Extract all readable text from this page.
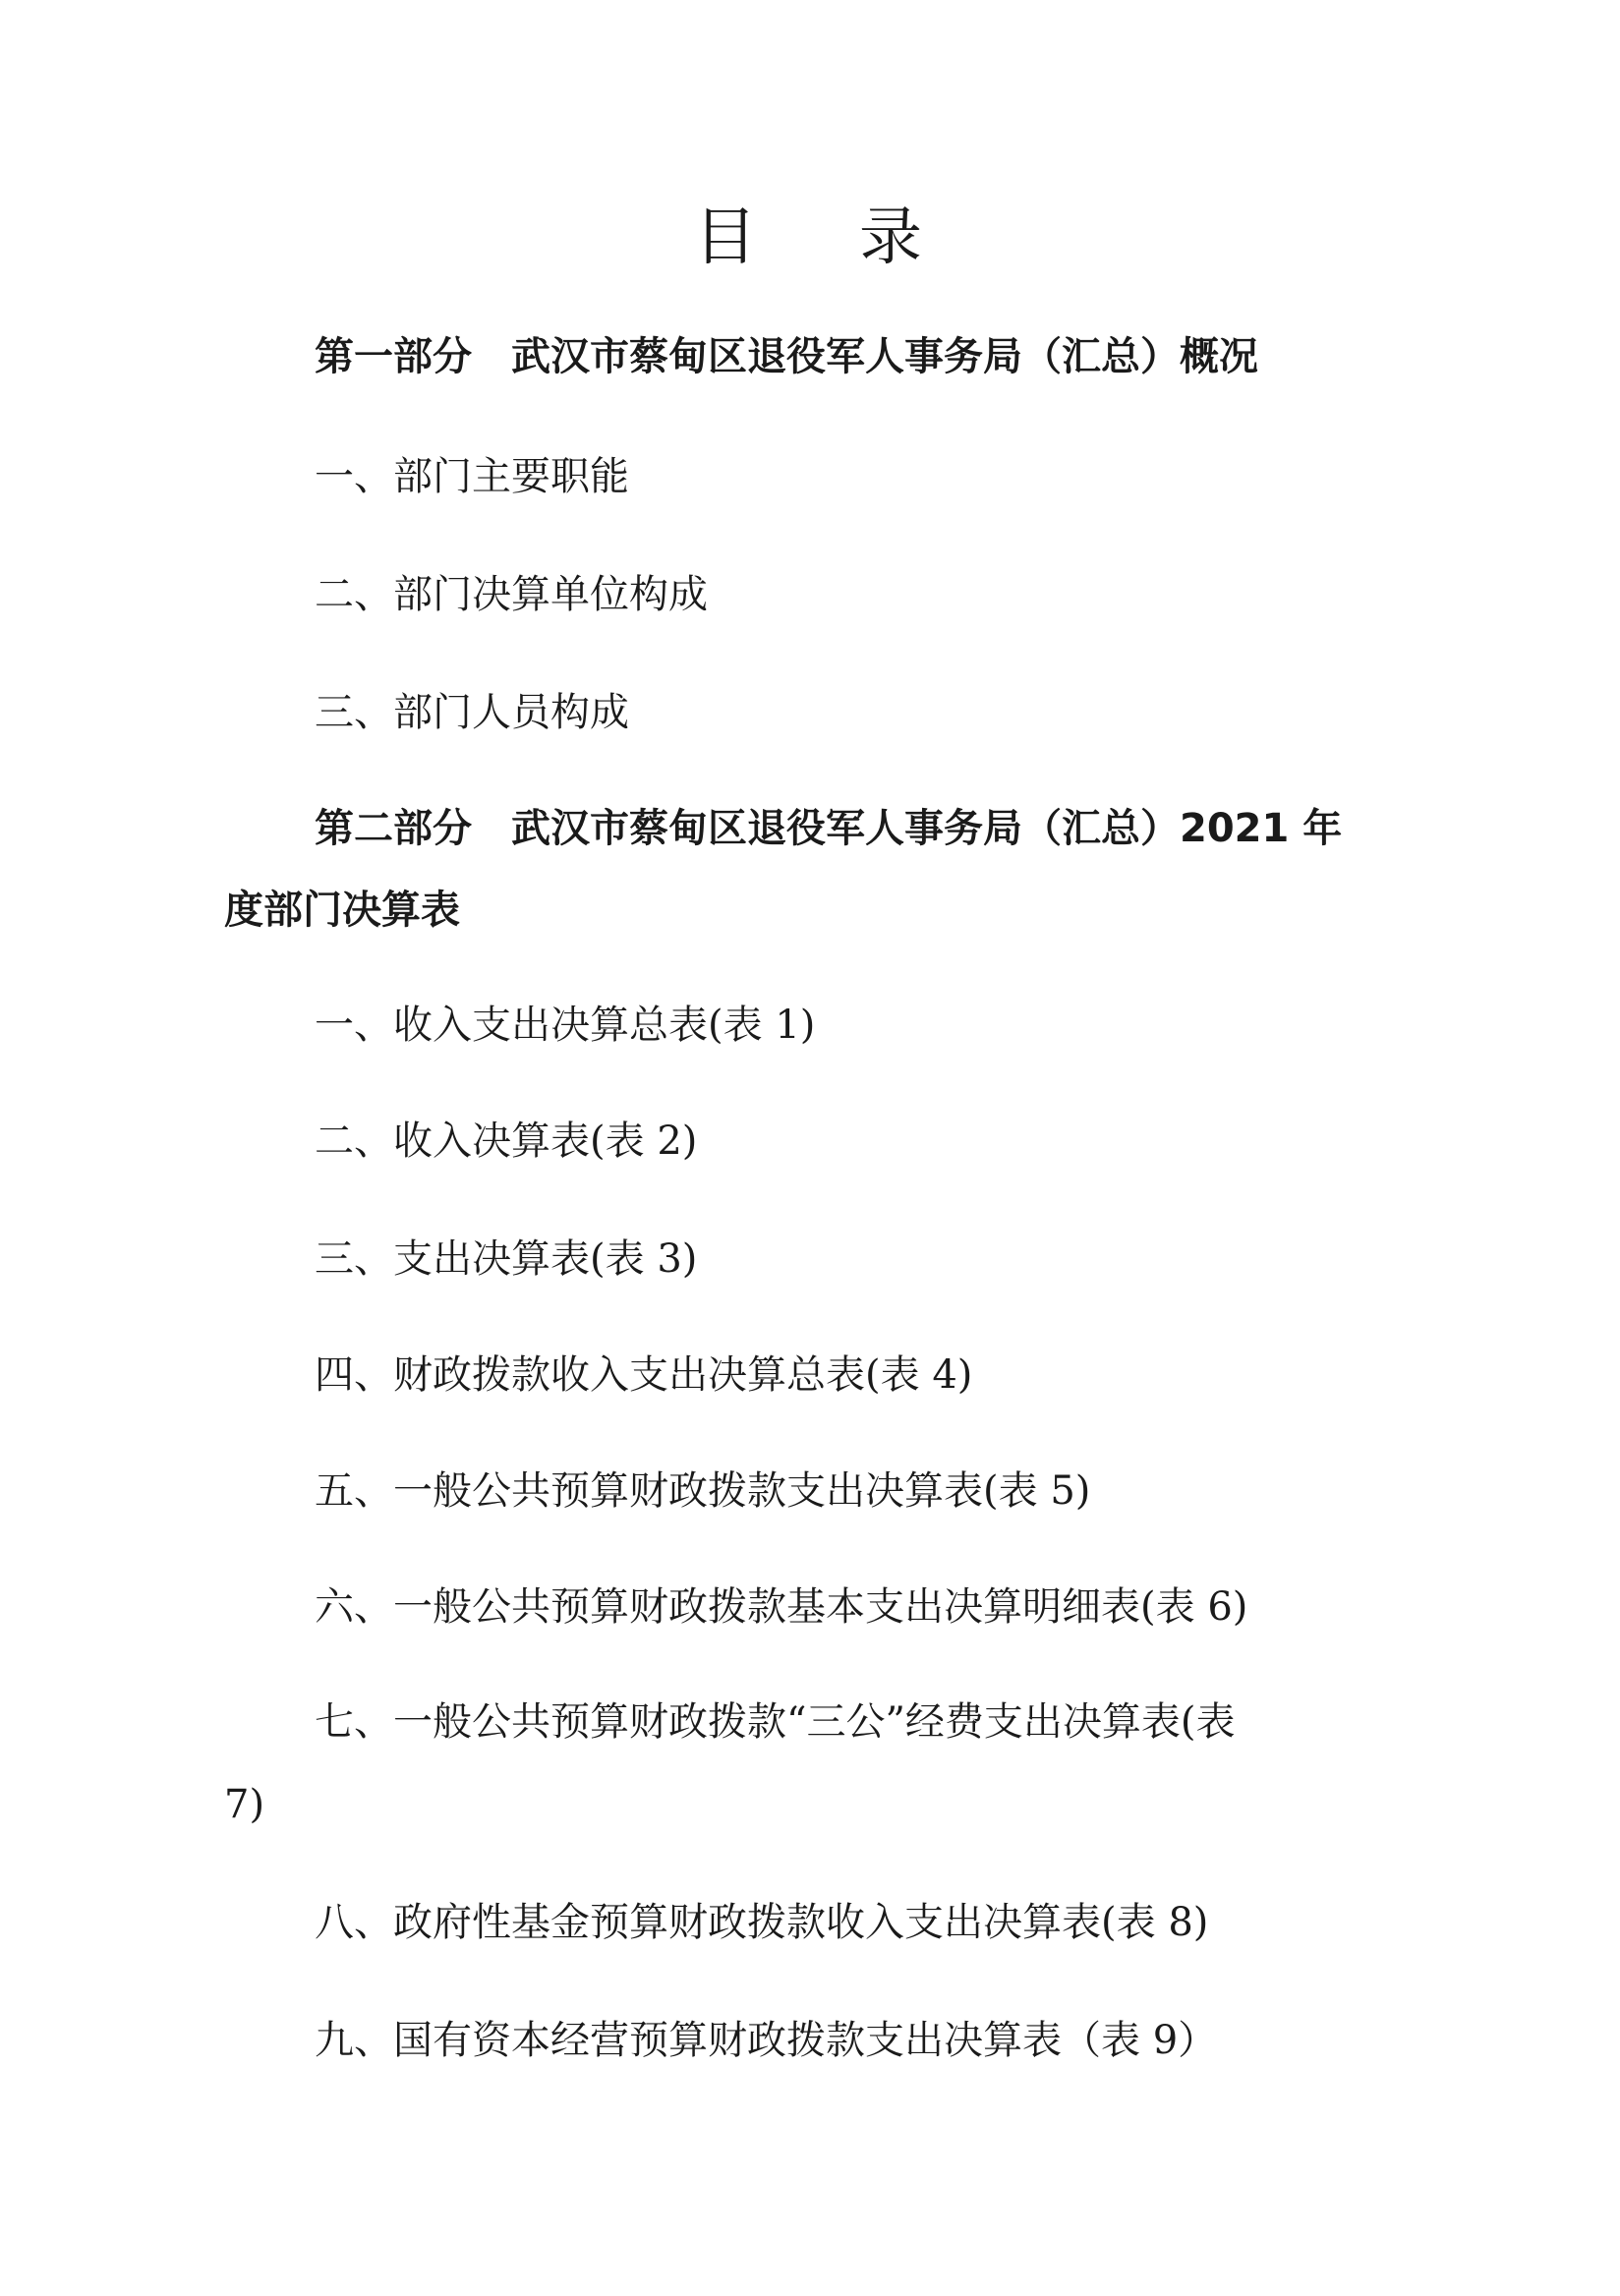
目 录
第一部分 武汉市蔡甸区退役军人事务局（汇总）概况
一、部门主要职能
二、部门决算单位构成
三、部门人员构成
第二部分 武汉市蔡甸区退役军人事务局（汇总）2021 年
度部门决算表
一、收入支出决算总表(表 1)
二、收入决算表(表 2)
三、支出决算表(表 3)
四、财政拨款收入支出决算总表(表 4)
五、一般公共预算财政拨款支出决算表(表 5)
六、一般公共预算财政拨款基本支出决算明细表(表 6)
七、一般公共预算财政拨款“三公”经费支出决算表(表
7)
八、政府性基金预算财政拨款收入支出决算表(表 8)
九、国有资本经营预算财政拨款支出决算表（表 9）
